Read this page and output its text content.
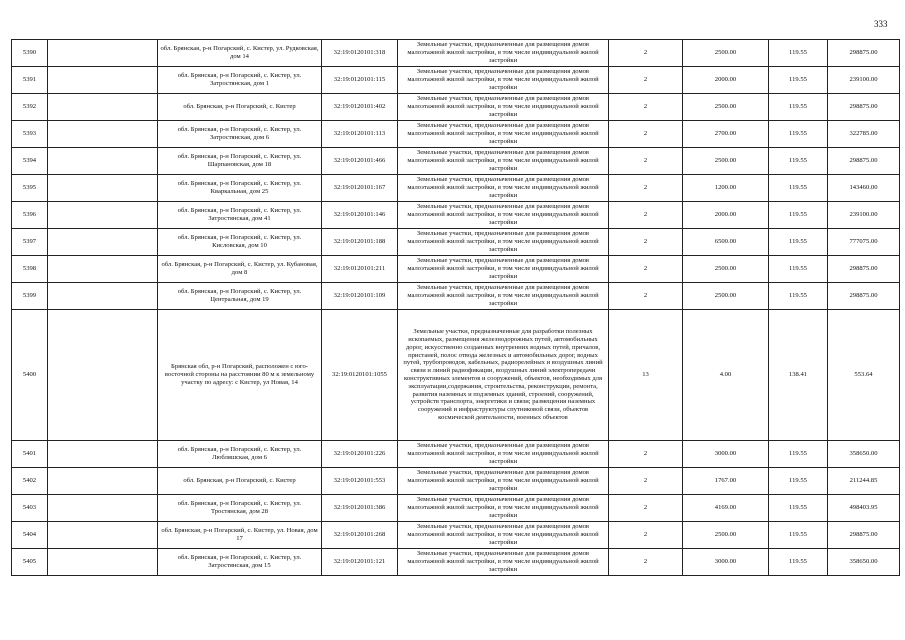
333
5390		обл. Брянская, р-н Погарский, с. Кистер, ул. Рудковская, дом 14	32:19:0120101:318	Земельные участки, предназначенные для размещения домов малоэтажной жилой застройки, в том числе индивидуальной жилой застройки	2	2500.00	119.55	298875.00
5391		обл. Брянская, р-н Погарский, с. Кистер, ул. Затростянская, дом 1	32:19:0120101:115	Земельные участки, предназначенные для размещения домов малоэтажной жилой застройки, в том числе индивидуальной жилой застройки	2	2000.00	119.55	239100.00
5392		обл. Брянская, р-н Погарский, с. Кистер	32:19:0120101:402	Земельные участки, предназначенные для размещения домов малоэтажной жилой застройки, в том числе индивидуальной жилой застройки	2	2500.00	119.55	298875.00
5393		обл. Брянская, р-н Погарский, с. Кистер, ул. Затростянская, дом 6	32:19:0120101:113	Земельные участки, предназначенные для размещения домов малоэтажной жилой застройки, в том числе индивидуальной жилой застройки	2	2700.00	119.55	322785.00
5394		обл. Брянская, р-н Погарский, с. Кистер, ул. Шарпановская, дом 18	32:19:0120101:466	Земельные участки, предназначенные для размещения домов малоэтажной жилой застройки, в том числе индивидуальной жилой застройки	2	2500.00	119.55	298875.00
5395		обл. Брянская, р-н Погарский, с. Кистер, ул. Кваркальная, дом 25	32:19:0120101:167	Земельные участки, предназначенные для размещения домов малоэтажной жилой застройки, в том числе индивидуальной жилой застройки	2	1200.00	119.55	143460.00
5396		обл. Брянская, р-н Погарский, с. Кистер, ул. Затростянская, дом 41	32:19:0120101:146	Земельные участки, предназначенные для размещения домов малоэтажной жилой застройки, в том числе индивидуальной жилой застройки	2	2000.00	119.55	239100.00
5397		обл. Брянская, р-н Погарский, с. Кистер, ул. Кисловская, дом 10	32:19:0120101:188	Земельные участки, предназначенные для размещения домов малоэтажной жилой застройки, в том числе индивидуальной жилой застройки	2	6500.00	119.55	777075.00
5398		обл. Брянская, р-н Погарский, с. Кистер, ул. Кубановая, дом 8	32:19:0120101:211	Земельные участки, предназначенные для размещения домов малоэтажной жилой застройки, в том числе индивидуальной жилой застройки	2	2500.00	119.55	298875.00
5399		обл. Брянская, р-н Погарский, с. Кистер, ул. Центральная, дом 19	32:19:0120101:109	Земельные участки, предназначенные для размещения домов малоэтажной жилой застройки, в том числе индивидуальной жилой застройки	2	2500.00	119.55	298875.00
5400		Брянская обл, р-н Погарский, расположен с юго-восточной стороны на расстоянии 80 м к земельному участку по адресу: с Кистер, ул Новая, 14	32:19:0120101:1055	Земельные участки, предназначенные для разработки полезных ископаемых, размещения железнодорожных путей, автомобильных дорог, искусственно созданных внутренних водных путей, причалов, пристаней, полос отвода железных и автомобильных дорог, водных путей, трубопроводов, кабельных, радиорелейных и воздушных линий связи и линий радиофикации, воздушных линий электропередачи конструктивных элементов и сооружений, объектов, необходимых для эксплуатации,содержания, строительства, реконструкции, ремонта, развития наземных и подземных зданий, строений, сооружений, устройств транспорта, энергетики и связи; размещения наземных сооружений и инфраструктуры спутниковой связи, объектов космической деятельности, военных объектов	13	4.00	138.41	553.64
5401		обл. Брянская, р-н Погарский, с. Кистер, ул. Любляшская, дом 6	32:19:0120101:226	Земельные участки, предназначенные для размещения домов малоэтажной жилой застройки, в том числе индивидуальной жилой застройки	2	3000.00	119.55	358650.00
5402		обл. Брянская, р-н Погарский, с. Кистер	32:19:0120101:553	Земельные участки, предназначенные для размещения домов малоэтажной жилой застройки, в том числе индивидуальной жилой застройки	2	1767.00	119.55	211244.85
5403		обл. Брянская, р-н Погарский, с. Кистер, ул. Тростянская, дом 28	32:19:0120101:386	Земельные участки, предназначенные для размещения домов малоэтажной жилой застройки, в том числе индивидуальной жилой застройки	2	4169.00	119.55	498403.95
5404		обл. Брянская, р-н Погарский, с. Кистер, ул. Новая, дом 17	32:19:0120101:268	Земельные участки, предназначенные для размещения домов малоэтажной жилой застройки, в том числе индивидуальной жилой застройки	2	2500.00	119.55	298875.00
5405		обл. Брянская, р-н Погарский, с. Кистер, ул. Затростянская, дом 15	32:19:0120101:121	Земельные участки, предназначенные для размещения домов малоэтажной жилой застройки, в том числе индивидуальной жилой застройки	2	3000.00	119.55	358650.00
